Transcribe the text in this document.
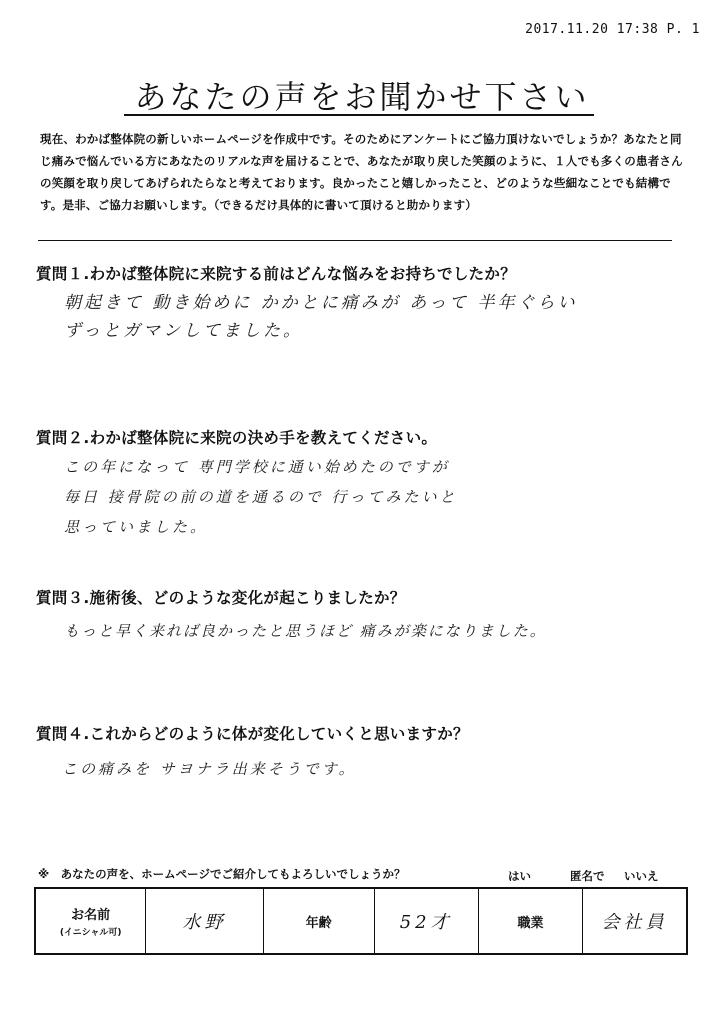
2017.11.20 17:38 P. 1
あなたの声をお聞かせ下さい
現在、わかば整体院の新しいホームページを作成中です。そのためにアンケートにご協力頂けないでしょうか？あなたと同じ痛みで悩んでいる方にあなたのリアルな声を届けることで、あなたが取り戻した笑顔のように、１人でも多くの患者さんの笑顔を取り戻してあげられたらなと考えております。良かったこと嬉しかったこと、どのような些細なことでも結構です。是非、ご協力お願いします。（できるだけ具体的に書いて頂けると助かります）
質問１.わかば整体院に来院する前はどんな悩みをお持ちでしたか？
朝起きて 動き始めに かかとに痛みが あって 半年ぐらい
ずっとガマンしてました。
質問２.わかば整体院に来院の決め手を教えてください。
この年になって 専門学校に通い始めたのですが
毎日 接骨院の前の道を通るので 行ってみたいと
思っていました。
質問３.施術後、どのような変化が起こりましたか？
もっと早く来れば良かったと思うほど 痛みが楽になりました。
質問４.これからどのように体が変化していくと思いますか？
この痛みを サヨナラ出来そうです。
※　あなたの声を、ホームページでご紹介してもよろしいでしょうか？	はい	匿名で いいえ
お名前
(イニシャル可)	水野	年齢	52才	職業	会社員
